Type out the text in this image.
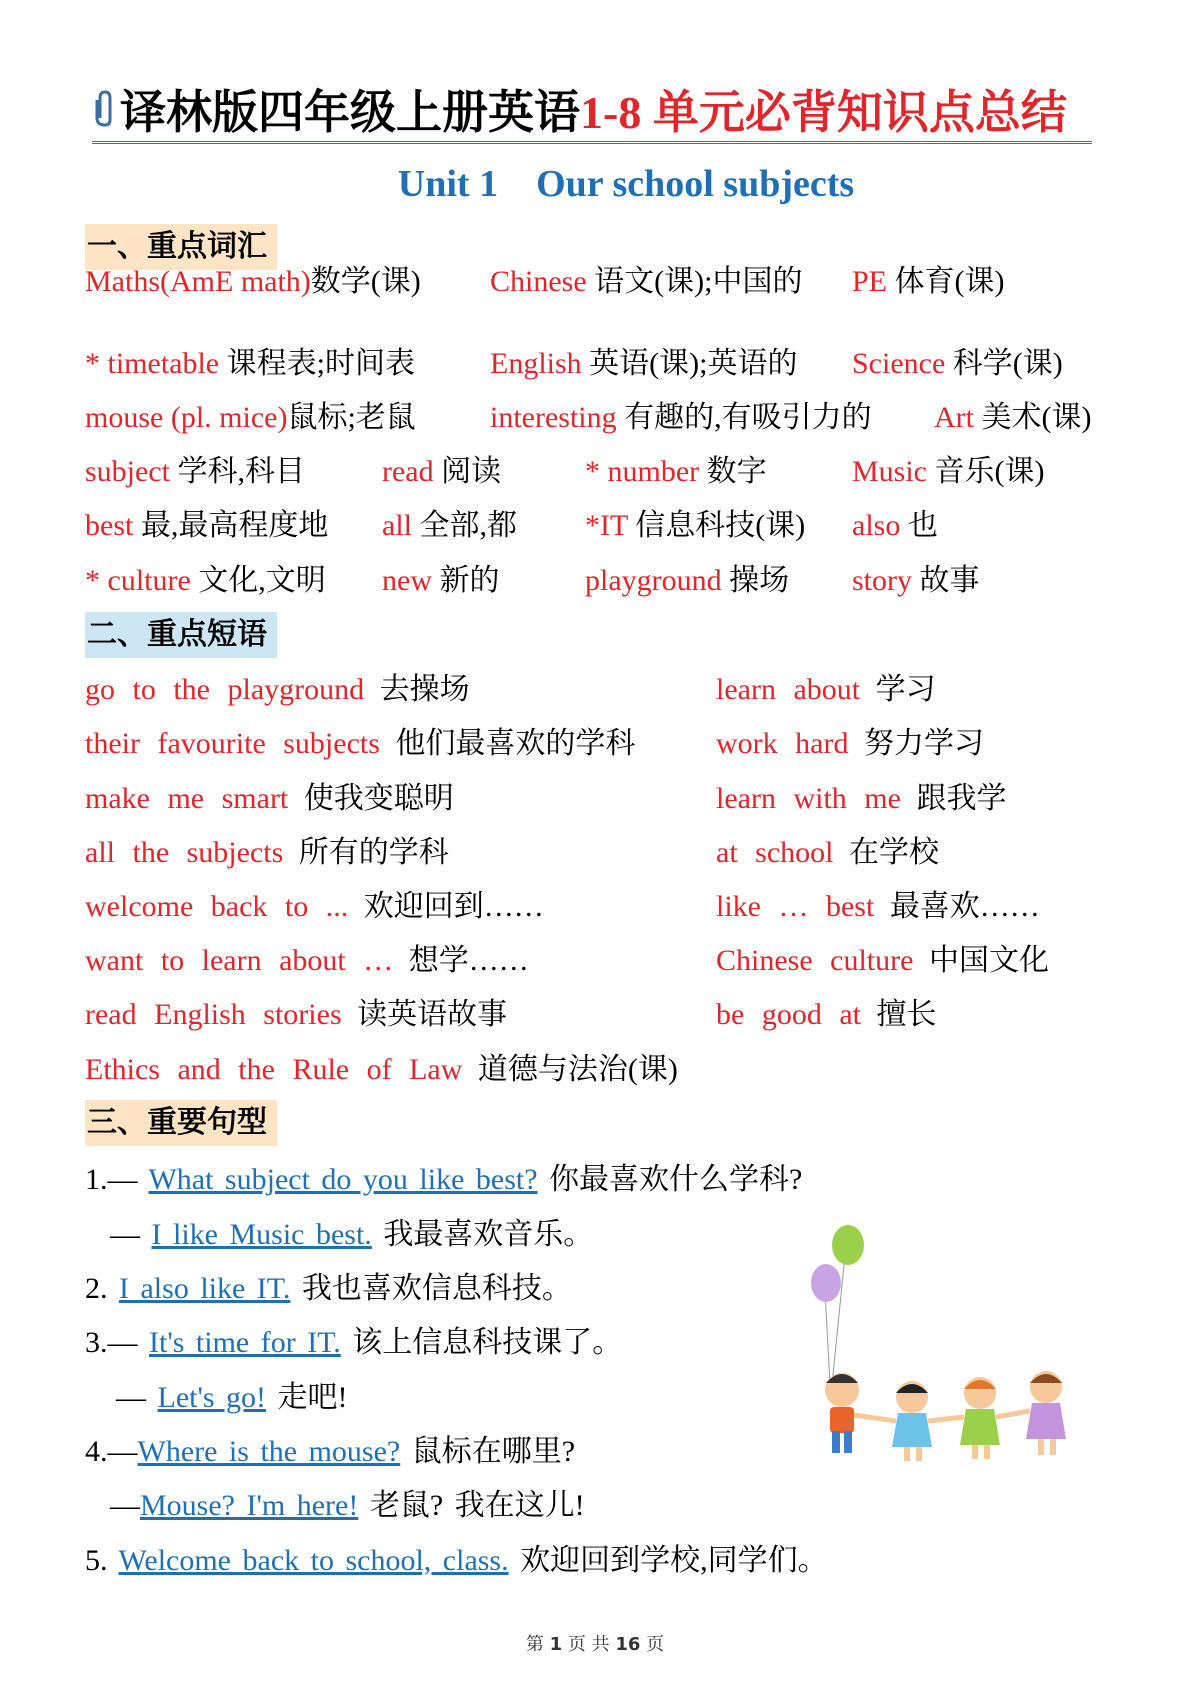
译林版四年级上册英语1-8 单元必背知识点总结
Unit 1 Our school subjects
一、重点词汇
Maths(AmE math)数学(课) Chinese 语文(课);中国的 PE 体育(课)
* timetable 课程表;时间表	English 英语(课);英语的 Science 科学(课)
mouse (pl. mice)鼠标;老鼠 interesting 有趣的,有吸引力的 Art 美术(课)
subject 学科,科目	read 阅读	* number 数字	Music 音乐(课)
best 最,最高程度地 all 全部,都 *IT 信息科技(课) also 也
* culture 文化,文明 new 新的	playground 操场 story 故事
二、重点短语
go to the playground 去操场	learn about 学习
their favourite subjects 他们最喜欢的学科	work hard 努力学习
make me smart 使我变聪明	learn with me 跟我学
all the subjects 所有的学科	at school 在学校
welcome back to ... 欢迎回到……	like … best 最喜欢……
want to learn about … 想学……	Chinese culture 中国文化
read English stories 读英语故事	be good at 擅长
Ethics and the Rule of Law 道德与法治(课)
三、重要句型
1.— What subject do you like best? 你最喜欢什么学科?
— I like Music best. 我最喜欢音乐。
2. I also like IT. 我也喜欢信息科技。
3.— It's time for IT. 该上信息科技课了。
— Let's go! 走吧!
4.—Where is the mouse? 鼠标在哪里?
—Mouse? I'm here! 老鼠? 我在这儿!
5. Welcome back to school, class. 欢迎回到学校,同学们。
第 1 页 共 16 页
